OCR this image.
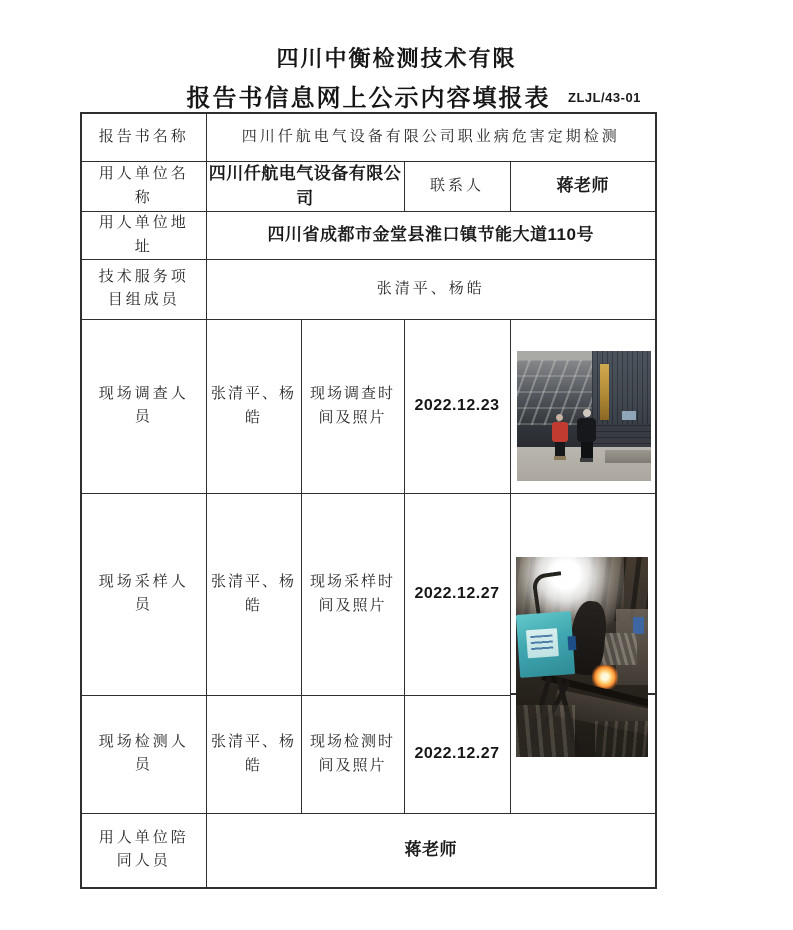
四川中衡检测技术有限
报告书信息网上公示内容填报表	ZLJL/43-01
报告书名称	四川仟航电气设备有限公司职业病危害定期检测			
用人单位名称	四川仟航电气设备有限公司		联系人	蒋老师
用人单位地址	四川省成都市金堂县淮口镇节能大道110号			
技术服务项目组成员	张清平、杨皓			
现场调查人员	张清平、杨皓	现场调查时间及照片	2022.12.23	

现场采样人员	张清平、杨皓	现场采样时间及照片	2022.12.27	

现场检测人员	张清平、杨皓	现场检测时间及照片	2022.12.27	
用人单位陪同人员	蒋老师			
